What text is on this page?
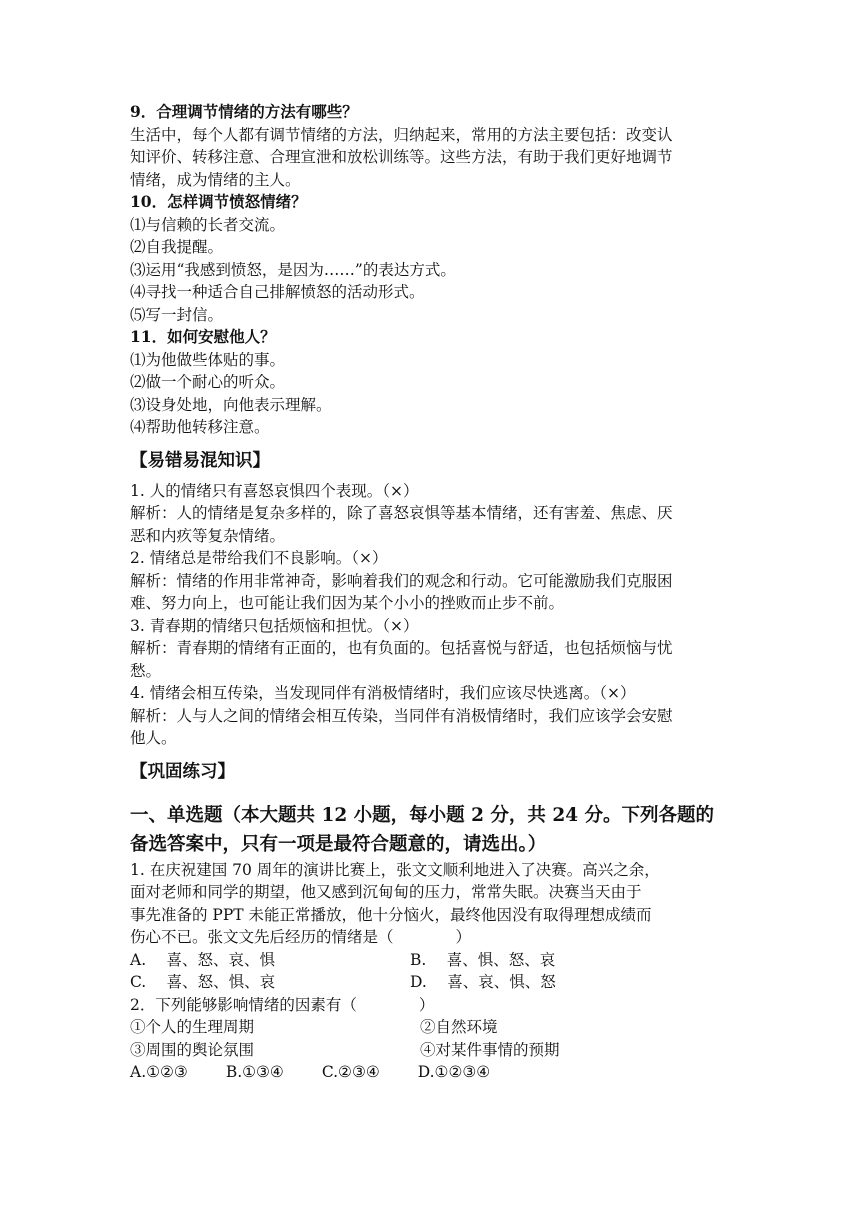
9．合理调节情绪的方法有哪些？
生活中，每个人都有调节情绪的方法，归纳起来，常用的方法主要包括：改变认
知评价、转移注意、合理宣泄和放松训练等。这些方法，有助于我们更好地调节
情绪，成为情绪的主人。
10．怎样调节愤怒情绪？
⑴与信赖的长者交流。
⑵自我提醒。
⑶运用“我感到愤怒，是因为……”的表达方式。
⑷寻找一种适合自己排解愤怒的活动形式。
⑸写一封信。
11．如何安慰他人？
⑴为他做些体贴的事。
⑵做一个耐心的听众。
⑶设身处地，向他表示理解。
⑷帮助他转移注意。
【易错易混知识】
1. 人的情绪只有喜怒哀惧四个表现。（×）
解析：人的情绪是复杂多样的，除了喜怒哀惧等基本情绪，还有害羞、焦虑、厌
恶和内疚等复杂情绪。
2. 情绪总是带给我们不良影响。（×）
解析：情绪的作用非常神奇，影响着我们的观念和行动。它可能激励我们克服困
难、努力向上，也可能让我们因为某个小小的挫败而止步不前。
3. 青春期的情绪只包括烦恼和担忧。（×）
解析：青春期的情绪有正面的，也有负面的。包括喜悦与舒适，也包括烦恼与忧
愁。
4. 情绪会相互传染，当发现同伴有消极情绪时，我们应该尽快逃离。（×）
解析：人与人之间的情绪会相互传染，当同伴有消极情绪时，我们应该学会安慰
他人。
【巩固练习】
一、单选题（本大题共 12 小题，每小题 2 分，共 24 分。下列各题的
备选答案中，只有一项是最符合题意的，请选出。）
1. 在庆祝建国 70 周年的演讲比赛上，张文文顺利地进入了决赛。高兴之余，
面对老师和同学的期望，他又感到沉甸甸的压力，常常失眠。决赛当天由于
事先准备的 PPT 未能正常播放，他十分恼火，最终他因没有取得理想成绩而
伤心不已。张文文先后经历的情绪是（　　　　）
A.　 喜、怒、哀、惧	B.　 喜、惧、怒、哀
C.　 喜、怒、惧、哀	D.　 喜、哀、惧、怒
2．下列能够影响情绪的因素有（　　　　）
①个人的生理周期	②自然环境
③周围的舆论氛围	④对某件事情的预期
A.①②③ B.①③④ C.②③④ D.①②③④
